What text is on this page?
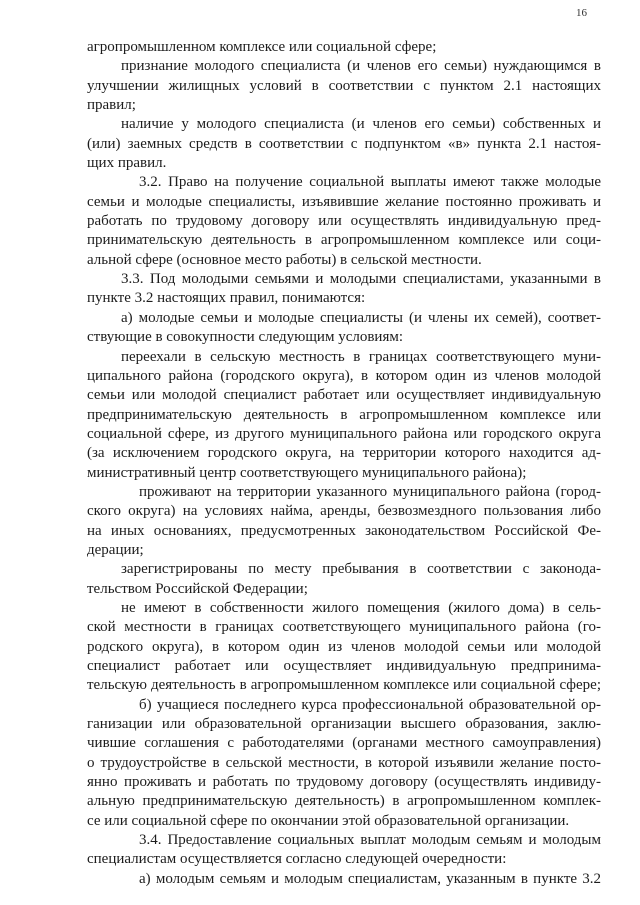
16
агропромышленном комплексе или социальной сфере;
признание молодого специалиста (и членов его семьи) нуждающимся в
улучшении жилищных условий в соответствии с пунктом 2.1 настоящих
правил;
наличие у молодого специалиста (и членов его семьи) собственных и
(или) заемных средств в соответствии с подпунктом «в» пункта 2.1 настоя-
щих правил.
3.2. Право на получение социальной выплаты имеют также молодые
семьи и молодые специалисты, изъявившие желание постоянно проживать и
работать по трудовому договору или осуществлять индивидуальную пред-
принимательскую деятельность в агропромышленном комплексе или соци-
альной сфере (основное место работы) в сельской местности.
3.3. Под молодыми семьями и молодыми специалистами, указанными в
пункте 3.2 настоящих правил, понимаются:
а) молодые семьи и молодые специалисты (и члены их семей), соответ-
ствующие в совокупности следующим условиям:
переехали в сельскую местность в границах соответствующего муни-
ципального района (городского округа), в котором один из членов молодой
семьи или молодой специалист работает или осуществляет индивидуальную
предпринимательскую деятельность в агропромышленном комплексе или
социальной сфере, из другого муниципального района или городского округа
(за исключением городского округа, на территории которого находится ад-
министративный центр соответствующего муниципального района);
проживают на территории указанного муниципального района (город-
ского округа) на условиях найма, аренды, безвозмездного пользования либо
на иных основаниях, предусмотренных законодательством Российской Фе-
дерации;
зарегистрированы по месту пребывания в соответствии с законода-
тельством Российской Федерации;
не имеют в собственности жилого помещения (жилого дома) в сель-
ской местности в границах соответствующего муниципального района (го-
родского округа), в котором один из членов молодой семьи или молодой
специалист работает или осуществляет индивидуальную предпринима-
тельскую деятельность в агропромышленном комплексе или социальной сфере;
б) учащиеся последнего курса профессиональной образовательной ор-
ганизации или образовательной организации высшего образования, заклю-
чившие соглашения с работодателями (органами местного самоуправления)
о трудоустройстве в сельской местности, в которой изъявили желание посто-
янно проживать и работать по трудовому договору (осуществлять индивиду-
альную предпринимательскую деятельность) в агропромышленном комплек-
се или социальной сфере по окончании этой образовательной организации.
3.4. Предоставление социальных выплат молодым семьям и молодым
специалистам осуществляется согласно следующей очередности:
а) молодым семьям и молодым специалистам, указанным в пункте 3.2
